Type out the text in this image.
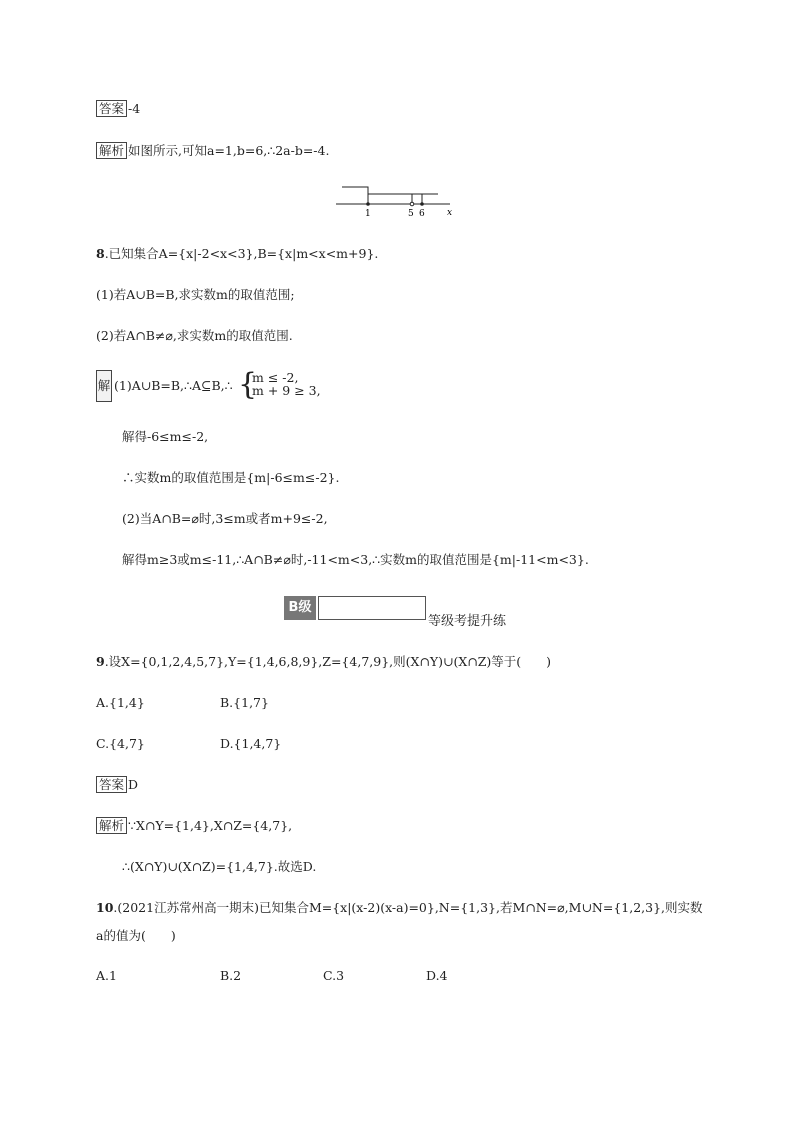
答案 -4
解析 如图所示,可知a=1,b=6,∴2a-b=-4.
1	5 6 x
8.已知集合A={x|-2<x<3},B={x|m<x<m+9}.
(1)若A∪B=B,求实数m的取值范围;
(2)若A∩B≠⌀,求实数m的取值范围.
解 (1)A∪B=B,∴A⊆B,∴ {
m ≤ -2,
m + 9 ≥ 3,
解得-6≤m≤-2,
∴实数m的取值范围是{m|-6≤m≤-2}.
(2)当A∩B=⌀时,3≤m或者m+9≤-2,
解得m≥3或m≤-11,∴A∩B≠⌀时,-11<m<3,∴实数m的取值范围是{m|-11<m<3}.
B级
等级考提升练
9.设X={0,1,2,4,5,7},Y={1,4,6,8,9},Z={4,7,9},则(X∩Y)∪(X∩Z)等于(　　)
A.{1,4}	B.{1,7}
C.{4,7}	D.{1,4,7}
答案 D
解析 ∵X∩Y={1,4},X∩Z={4,7},
∴(X∩Y)∪(X∩Z)={1,4,7}.故选D.
10.(2021江苏常州高一期末)已知集合M={x|(x-2)(x-a)=0},N={1,3},若M∩N=⌀,M∪N={1,2,3},则实数
a的值为(　　)
A.1	B.2	C.3	D.4
